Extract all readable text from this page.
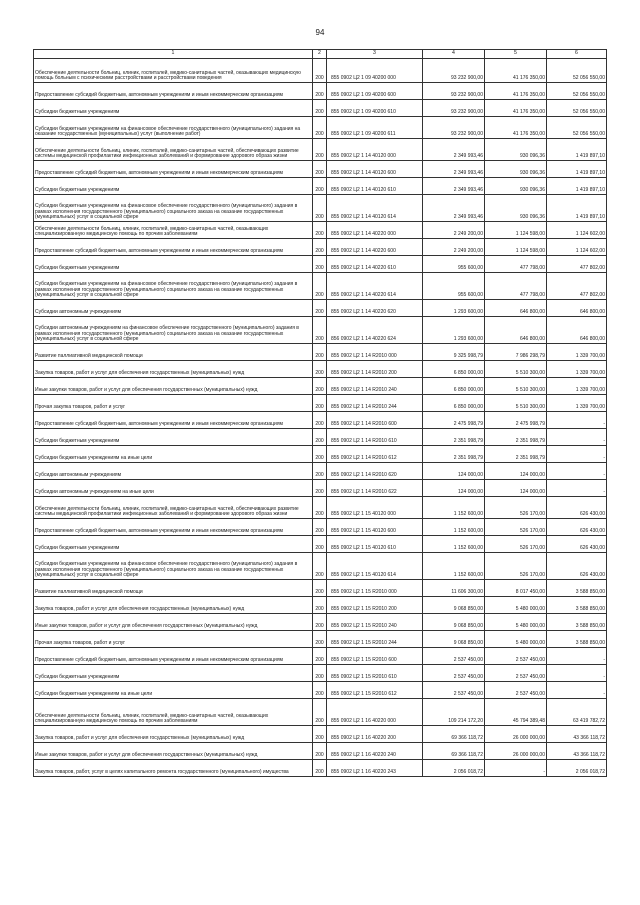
94
1	2	3	4	5	6
Обеспечение деятельности больниц, клиник, госпиталей, медико-санитарных частей, оказывающих медицинскую помощь больным с психическими расстройствами и расстройствами поведения	200	855 0902 Ц2 1 09 40200 000	93 232 900,00	41 176 350,00	52 056 550,00
Предоставление субсидий бюджетным, автономным учреждениям и иным некоммерческим организациям	200	855 0902 Ц2 1 09 40200 600	93 232 900,00	41 176 350,00	52 056 550,00
Субсидии бюджетным учреждениям	200	855 0902 Ц2 1 09 40200 610	93 232 900,00	41 176 350,00	52 056 550,00
Субсидии бюджетным учреждениям на финансовое обеспечение государственного (муниципального) задания на оказание государственных (муниципальных) услуг (выполнение работ)	200	855 0902 Ц2 1 09 40200 611	93 232 900,00	41 176 350,00	52 056 550,00
Обеспечение деятельности больниц, клиник, госпиталей, медико-санитарных частей, обеспечивающих развитие системы медицинской профилактики инфекционных заболеваний и формирование здорового образа жизни	200	855 0902 Ц2 1 14 40120 000	2 349 993,46	930 096,36	1 419 897,10
Предоставление субсидий бюджетным, автономным учреждениям и иным некоммерческим организациям	200	855 0902 Ц2 1 14 40120 600	2 349 993,46	930 096,36	1 419 897,10
Субсидии бюджетным учреждениям	200	855 0902 Ц2 1 14 40120 610	2 349 993,46	930 096,36	1 419 897,10
Субсидии бюджетным учреждениям на финансовое обеспечение государственного (муниципального) задания в рамках исполнения государственного (муниципального) социального заказа на оказание государственных (муниципальных) услуг в социальной сфере	200	855 0902 Ц2 1 14 40120 614	2 349 993,46	930 096,36	1 419 897,10
Обеспечение деятельности больниц, клиник, госпиталей, медико-санитарных частей, оказывающих специализированную медицинскую помощь по прочим заболеваниям	200	855 0902 Ц2 1 14 40220 000	2 249 200,00	1 124 598,00	1 124 602,00
Предоставление субсидий бюджетным, автономным учреждениям и иным некоммерческим организациям	200	855 0902 Ц2 1 14 40220 600	2 249 200,00	1 124 598,00	1 124 602,00
Субсидии бюджетным учреждениям	200	855 0902 Ц2 1 14 40220 610	955 600,00	477 798,00	477 802,00
Субсидии бюджетным учреждениям на финансовое обеспечение государственного (муниципального) задания в рамках исполнения государственного (муниципального) социального заказа на оказание государственных (муниципальных) услуг в социальной сфере	200	855 0902 Ц2 1 14 40220 614	955 600,00	477 798,00	477 802,00
Субсидии автономным учреждениям	200	855 0902 Ц2 1 14 40220 620	1 293 600,00	646 800,00	646 800,00
Субсидии автономным учреждениям на финансовое обеспечение государственного (муниципального) задания в рамках исполнения государственного (муниципального) социального заказа на оказание государственных (муниципальных) услуг в социальной сфере	200	856 0902 Ц2 1 14 40220 624	1 293 600,00	646 800,00	646 800,00
Развитие паллиативной медицинской помощи	200	855 0902 Ц2 1 14 R2010 000	9 325 998,79	7 986 298,79	1 339 700,00
Закупка товаров, работ и услуг для обеспечения государственных (муниципальных) нужд	200	855 0902 Ц2 1 14 R2010 200	6 850 000,00	5 510 300,00	1 339 700,00
Иные закупки товаров, работ и услуг для обеспечения государственных (муниципальных) нужд	200	855 0902 Ц2 1 14 R2010 240	6 850 000,00	5 510 300,00	1 339 700,00
Прочая закупка товаров, работ и услуг	200	855 0902 Ц2 1 14 R2010 244	6 850 000,00	5 510 300,00	1 339 700,00
Предоставление субсидий бюджетным, автономным учреждениям и иным некоммерческим организациям	200	855 0902 Ц2 1 14 R2010 600	2 475 998,79	2 475 998,79	-
Субсидии бюджетным учреждениям	200	855 0902 Ц2 1 14 R2010 610	2 351 998,79	2 351 998,79	-
Субсидии бюджетным учреждениям на иные цели	200	855 0902 Ц2 1 14 R2010 612	2 351 998,79	2 351 998,79	-
Субсидии автономным учреждениям	200	855 0902 Ц2 1 14 R2010 620	124 000,00	124 000,00	-
Субсидии автономным учреждениям на иные цели	200	855 0902 Ц2 1 14 R2010 622	124 000,00	124 000,00	-
Обеспечение деятельности больниц, клиник, госпиталей, медико-санитарных частей, обеспечивающих развитие системы медицинской профилактики инфекционных заболеваний и формирование здорового образа жизни	200	855 0902 Ц2 1 15 40120 000	1 152 600,00	526 170,00	626 430,00
Предоставление субсидий бюджетным, автономным учреждениям и иным некоммерческим организациям	200	855 0902 Ц2 1 15 40120 600	1 152 600,00	526 170,00	626 430,00
Субсидии бюджетным учреждениям	200	855 0902 Ц2 1 15 40120 610	1 152 600,00	526 170,00	626 430,00
Субсидии бюджетным учреждениям на финансовое обеспечение государственного (муниципального) задания в рамках исполнения государственного (муниципального) социального заказа на оказание государственных (муниципальных) услуг в социальной сфере	200	855 0902 Ц2 1 15 40120 614	1 152 600,00	526 170,00	626 430,00
Развитие паллиативной медицинской помощи	200	855 0902 Ц2 1 15 R2010 000	11 606 300,00	8 017 450,00	3 588 850,00
Закупка товаров, работ и услуг для обеспечения государственных (муниципальных) нужд	200	855 0902 Ц2 1 15 R2010 200	9 068 850,00	5 480 000,00	3 588 850,00
Иные закупки товаров, работ и услуг для обеспечения государственных (муниципальных) нужд	200	855 0902 Ц2 1 15 R2010 240	9 068 850,00	5 480 000,00	3 588 850,00
Прочая закупка товаров, работ и услуг	200	855 0902 Ц2 1 15 R2010 244	9 068 850,00	5 480 000,00	3 588 850,00
Предоставление субсидий бюджетным, автономным учреждениям и иным некоммерческим организациям	200	855 0902 Ц2 1 15 R2010 600	2 537 450,00	2 537 450,00	-
Субсидии бюджетным учреждениям	200	855 0902 Ц2 1 15 R2010 610	2 537 450,00	2 537 450,00	-
Субсидии бюджетным учреждениям на иные цели	200	855 0902 Ц2 1 15 R2010 612	2 537 450,00	2 537 450,00	-
Обеспечение деятельности больниц, клиник, госпиталей, медико-санитарных частей, оказывающих специализированную медицинскую помощь по прочим заболеваниям	200	855 0902 Ц2 1 16 40220 000	109 214 172,20	45 794 389,48	63 419 782,72
Закупка товаров, работ и услуг для обеспечения государственных (муниципальных) нужд	200	855 0902 Ц2 1 16 40220 200	69 366 118,72	26 000 000,00	43 366 118,72
Иные закупки товаров, работ и услуг для обеспечения государственных (муниципальных) нужд	200	855 0902 Ц2 1 16 40220 240	69 366 118,72	26 000 000,00	43 366 118,72
Закупка товаров, работ, услуг в целях капитального ремонта государственного (муниципального) имущества	200	855 0902 Ц2 1 16 40220 243	2 056 018,72	-	2 056 018,72
